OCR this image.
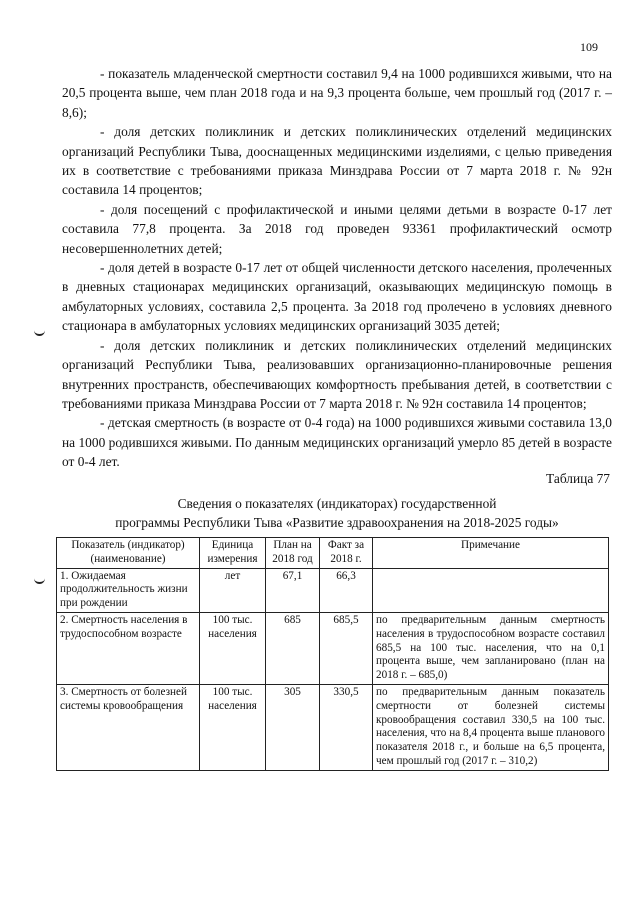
109

- показатель младенческой смертности составил 9,4 на 1000 родившихся живыми, что на 20,5 процента выше, чем план 2018 года и на 9,3 процента больше, чем прошлый год (2017 г. – 8,6);

- доля детских поликлиник и детских поликлинических отделений медицинских организаций Республики Тыва, дооснащенных медицинскими изделиями, с целью приведения их в соответствие с требованиями приказа Минздрава России от 7 марта 2018 г. № 92н составила 14 процентов;

- доля посещений с профилактической и иными целями детьми в возрасте 0-17 лет составила 77,8 процента. За 2018 год проведен 93361 профилактический осмотр несовершеннолетних детей;

- доля детей в возрасте 0-17 лет от общей численности детского населения, пролеченных в дневных стационарах медицинских организаций, оказывающих медицинскую помощь в амбулаторных условиях, составила 2,5 процента. За 2018 год пролечено в условиях дневного стационара в амбулаторных условиях медицинских организаций 3035 детей;

- доля детских поликлиник и детских поликлинических отделений медицинских организаций Республики Тыва, реализовавших организационно-планировочные решения внутренних пространств, обеспечивающих комфортность пребывания детей, в соответствии с требованиями приказа Минздрава России от 7 марта 2018 г. № 92н составила 14 процентов;

- детская смертность (в возрасте от 0-4 года) на 1000 родившихся живыми составила 13,0 на 1000 родившихся живыми. По данным медицинских организаций умерло 85 детей в возрасте от 0-4 лет.

Таблица 77
Сведения о показателях (индикаторах) государственной
программы Республики Тыва «Развитие здравоохранения на 2018-2025 годы»
Показатель (индикатор) (наименование)	Единица измерения	План на 2018 год	Факт за 2018 г.	Примечание
1. Ожидаемая продолжительность жизни при рождении	лет	67,1	66,3	
2. Смертность населения в трудоспособном возрасте	100 тыс. населения	685	685,5	по предварительным данным смертность населения в трудоспособном возрасте составил 685,5 на 100 тыс. населения, что на 0,1 процента выше, чем запланировано (план на 2018 г. – 685,0)
3. Смертность от болезней системы кровообращения	100 тыс. населения	305	330,5	по предварительным данным показатель смертности от болезней системы кровообращения составил 330,5 на 100 тыс. населения, что на 8,4 процента выше планового показателя 2018 г., и больше на 6,5 процента, чем прошлый год (2017 г. – 310,2)
